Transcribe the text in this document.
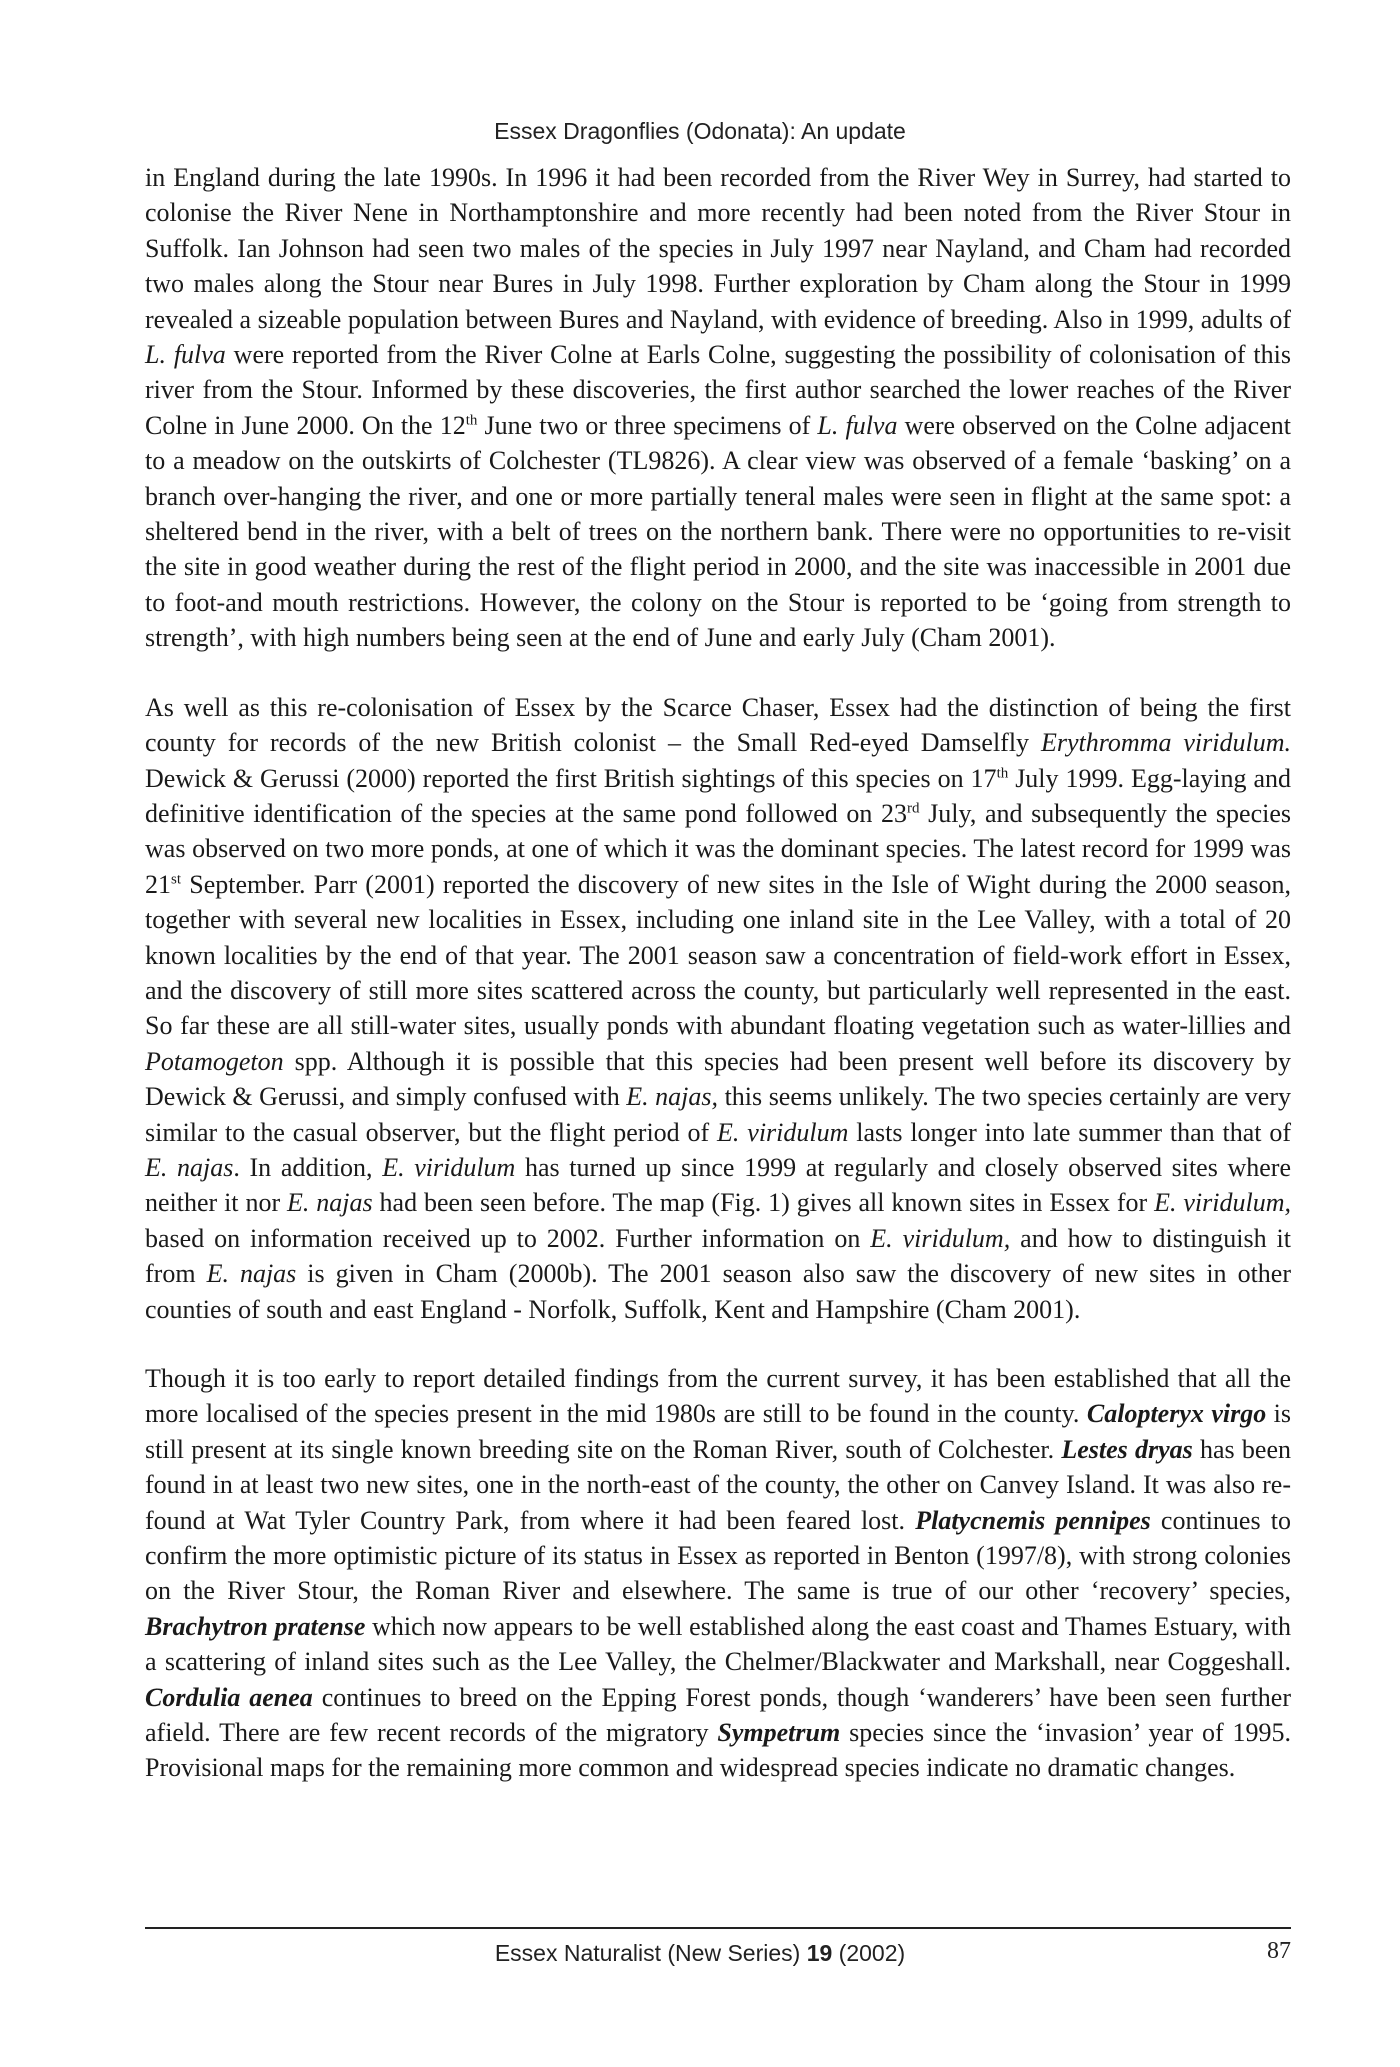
Essex Dragonflies (Odonata): An update

in England during the late 1990s. In 1996 it had been recorded from the River Wey in Surrey, had started to colonise the River Nene in Northamptonshire and more recently had been noted from the River Stour in Suffolk. Ian Johnson had seen two males of the species in July 1997 near Nayland, and Cham had recorded two males along the Stour near Bures in July 1998. Further exploration by Cham along the Stour in 1999 revealed a sizeable population between Bures and Nayland, with evidence of breeding. Also in 1999, adults of L. fulva were reported from the River Colne at Earls Colne, suggesting the possibility of colonisation of this river from the Stour. Informed by these discoveries, the first author searched the lower reaches of the River Colne in June 2000. On the 12th June two or three specimens of L. fulva were observed on the Colne adjacent to a meadow on the outskirts of Colchester (TL9826). A clear view was observed of a female ‘basking’ on a branch over-hanging the river, and one or more partially teneral males were seen in flight at the same spot: a sheltered bend in the river, with a belt of trees on the northern bank. There were no opportunities to re-visit the site in good weather during the rest of the flight period in 2000, and the site was inaccessible in 2001 due to foot-and mouth restrictions. However, the colony on the Stour is reported to be ‘going from strength to strength’, with high numbers being seen at the end of June and early July (Cham 2001).

As well as this re-colonisation of Essex by the Scarce Chaser, Essex had the distinction of being the first county for records of the new British colonist – the Small Red-eyed Damselfly Erythromma viridulum. Dewick & Gerussi (2000) reported the first British sightings of this species on 17th July 1999. Egg-laying and definitive identification of the species at the same pond followed on 23rd July, and subsequently the species was observed on two more ponds, at one of which it was the dominant species. The latest record for 1999 was 21st September. Parr (2001) reported the discovery of new sites in the Isle of Wight during the 2000 season, together with several new localities in Essex, including one inland site in the Lee Valley, with a total of 20 known localities by the end of that year. The 2001 season saw a concentration of field-work effort in Essex, and the discovery of still more sites scattered across the county, but particularly well represented in the east. So far these are all still-water sites, usually ponds with abundant floating vegetation such as water-lillies and Potamogeton spp. Although it is possible that this species had been present well before its discovery by Dewick & Gerussi, and simply confused with E. najas, this seems unlikely. The two species certainly are very similar to the casual observer, but the flight period of E. viridulum lasts longer into late summer than that of E. najas. In addition, E. viridulum has turned up since 1999 at regularly and closely observed sites where neither it nor E. najas had been seen before. The map (Fig. 1) gives all known sites in Essex for E. viridulum, based on information received up to 2002. Further information on E. viridulum, and how to distinguish it from E. najas is given in Cham (2000b). The 2001 season also saw the discovery of new sites in other counties of south and east England - Norfolk, Suffolk, Kent and Hampshire (Cham 2001).

Though it is too early to report detailed findings from the current survey, it has been established that all the more localised of the species present in the mid 1980s are still to be found in the county. Calopteryx virgo is still present at its single known breeding site on the Roman River, south of Colchester. Lestes dryas has been found in at least two new sites, one in the north-east of the county, the other on Canvey Island. It was also re-found at Wat Tyler Country Park, from where it had been feared lost. Platycnemis pennipes continues to confirm the more optimistic picture of its status in Essex as reported in Benton (1997/8), with strong colonies on the River Stour, the Roman River and elsewhere. The same is true of our other ‘recovery’ species, Brachytron pratense which now appears to be well established along the east coast and Thames Estuary, with a scattering of inland sites such as the Lee Valley, the Chelmer/Blackwater and Markshall, near Coggeshall. Cordulia aenea continues to breed on the Epping Forest ponds, though ‘wanderers’ have been seen further afield. There are few recent records of the migratory Sympetrum species since the ‘invasion’ year of 1995. Provisional maps for the remaining more common and widespread species indicate no dramatic changes.

Essex Naturalist (New Series) 19 (2002)	87
